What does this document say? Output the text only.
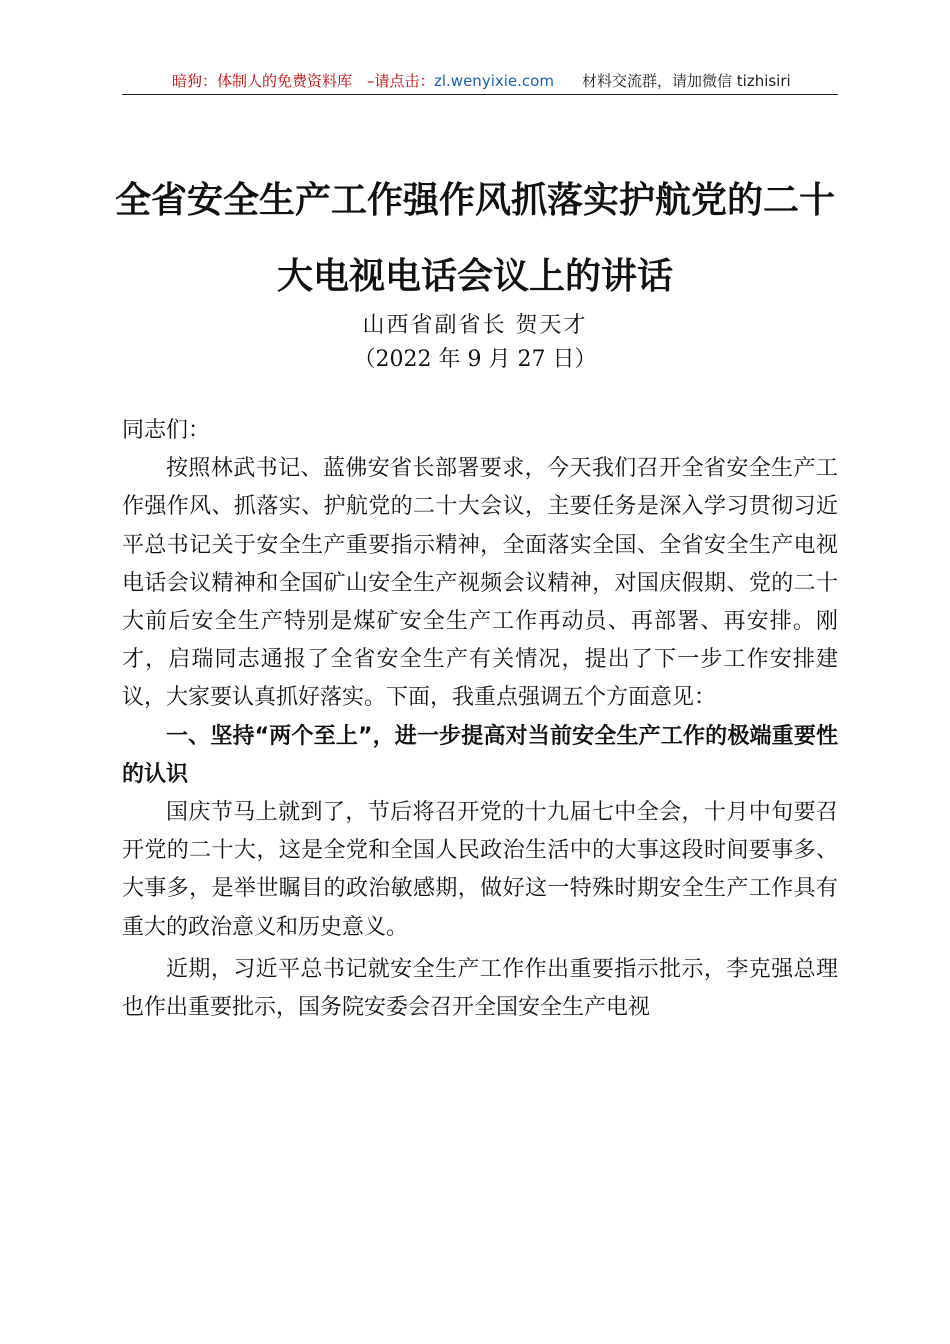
暗狗：体制人的免费资料库 –请点击： zl.wenyixie.com 材料交流群，请加微信 tizhisiri
全省安全生产工作强作风抓落实护航党的二十
大电视电话会议上的讲话
山西省副省长 贺天才
（2022 年 9 月 27 日）

同志们：

按照林武书记、蓝佛安省长部署要求，今天我们召开全省安全生产工作强作风、抓落实、护航党的二十大会议，主要任务是深入学习贯彻习近平总书记关于安全生产重要指示精神，全面落实全国、全省安全生产电视电话会议精神和全国矿山安全生产视频会议精神，对国庆假期、党的二十大前后安全生产特别是煤矿安全生产工作再动员、再部署、再安排。刚才，启瑞同志通报了全省安全生产有关情况，提出了下一步工作安排建议，大家要认真抓好落实。下面，我重点强调五个方面意见：

一、坚持“两个至上”，进一步提高对当前安全生产工作的极端重要性的认识

国庆节马上就到了，节后将召开党的十九届七中全会，十月中旬要召开党的二十大，这是全党和全国人民政治生活中的大事这段时间要事多、大事多，是举世瞩目的政治敏感期，做好这一特殊时期安全生产工作具有重大的政治意义和历史意义。

近期，习近平总书记就安全生产工作作出重要指示批示，李克强总理也作出重要批示，国务院安委会召开全国安全生产电视
